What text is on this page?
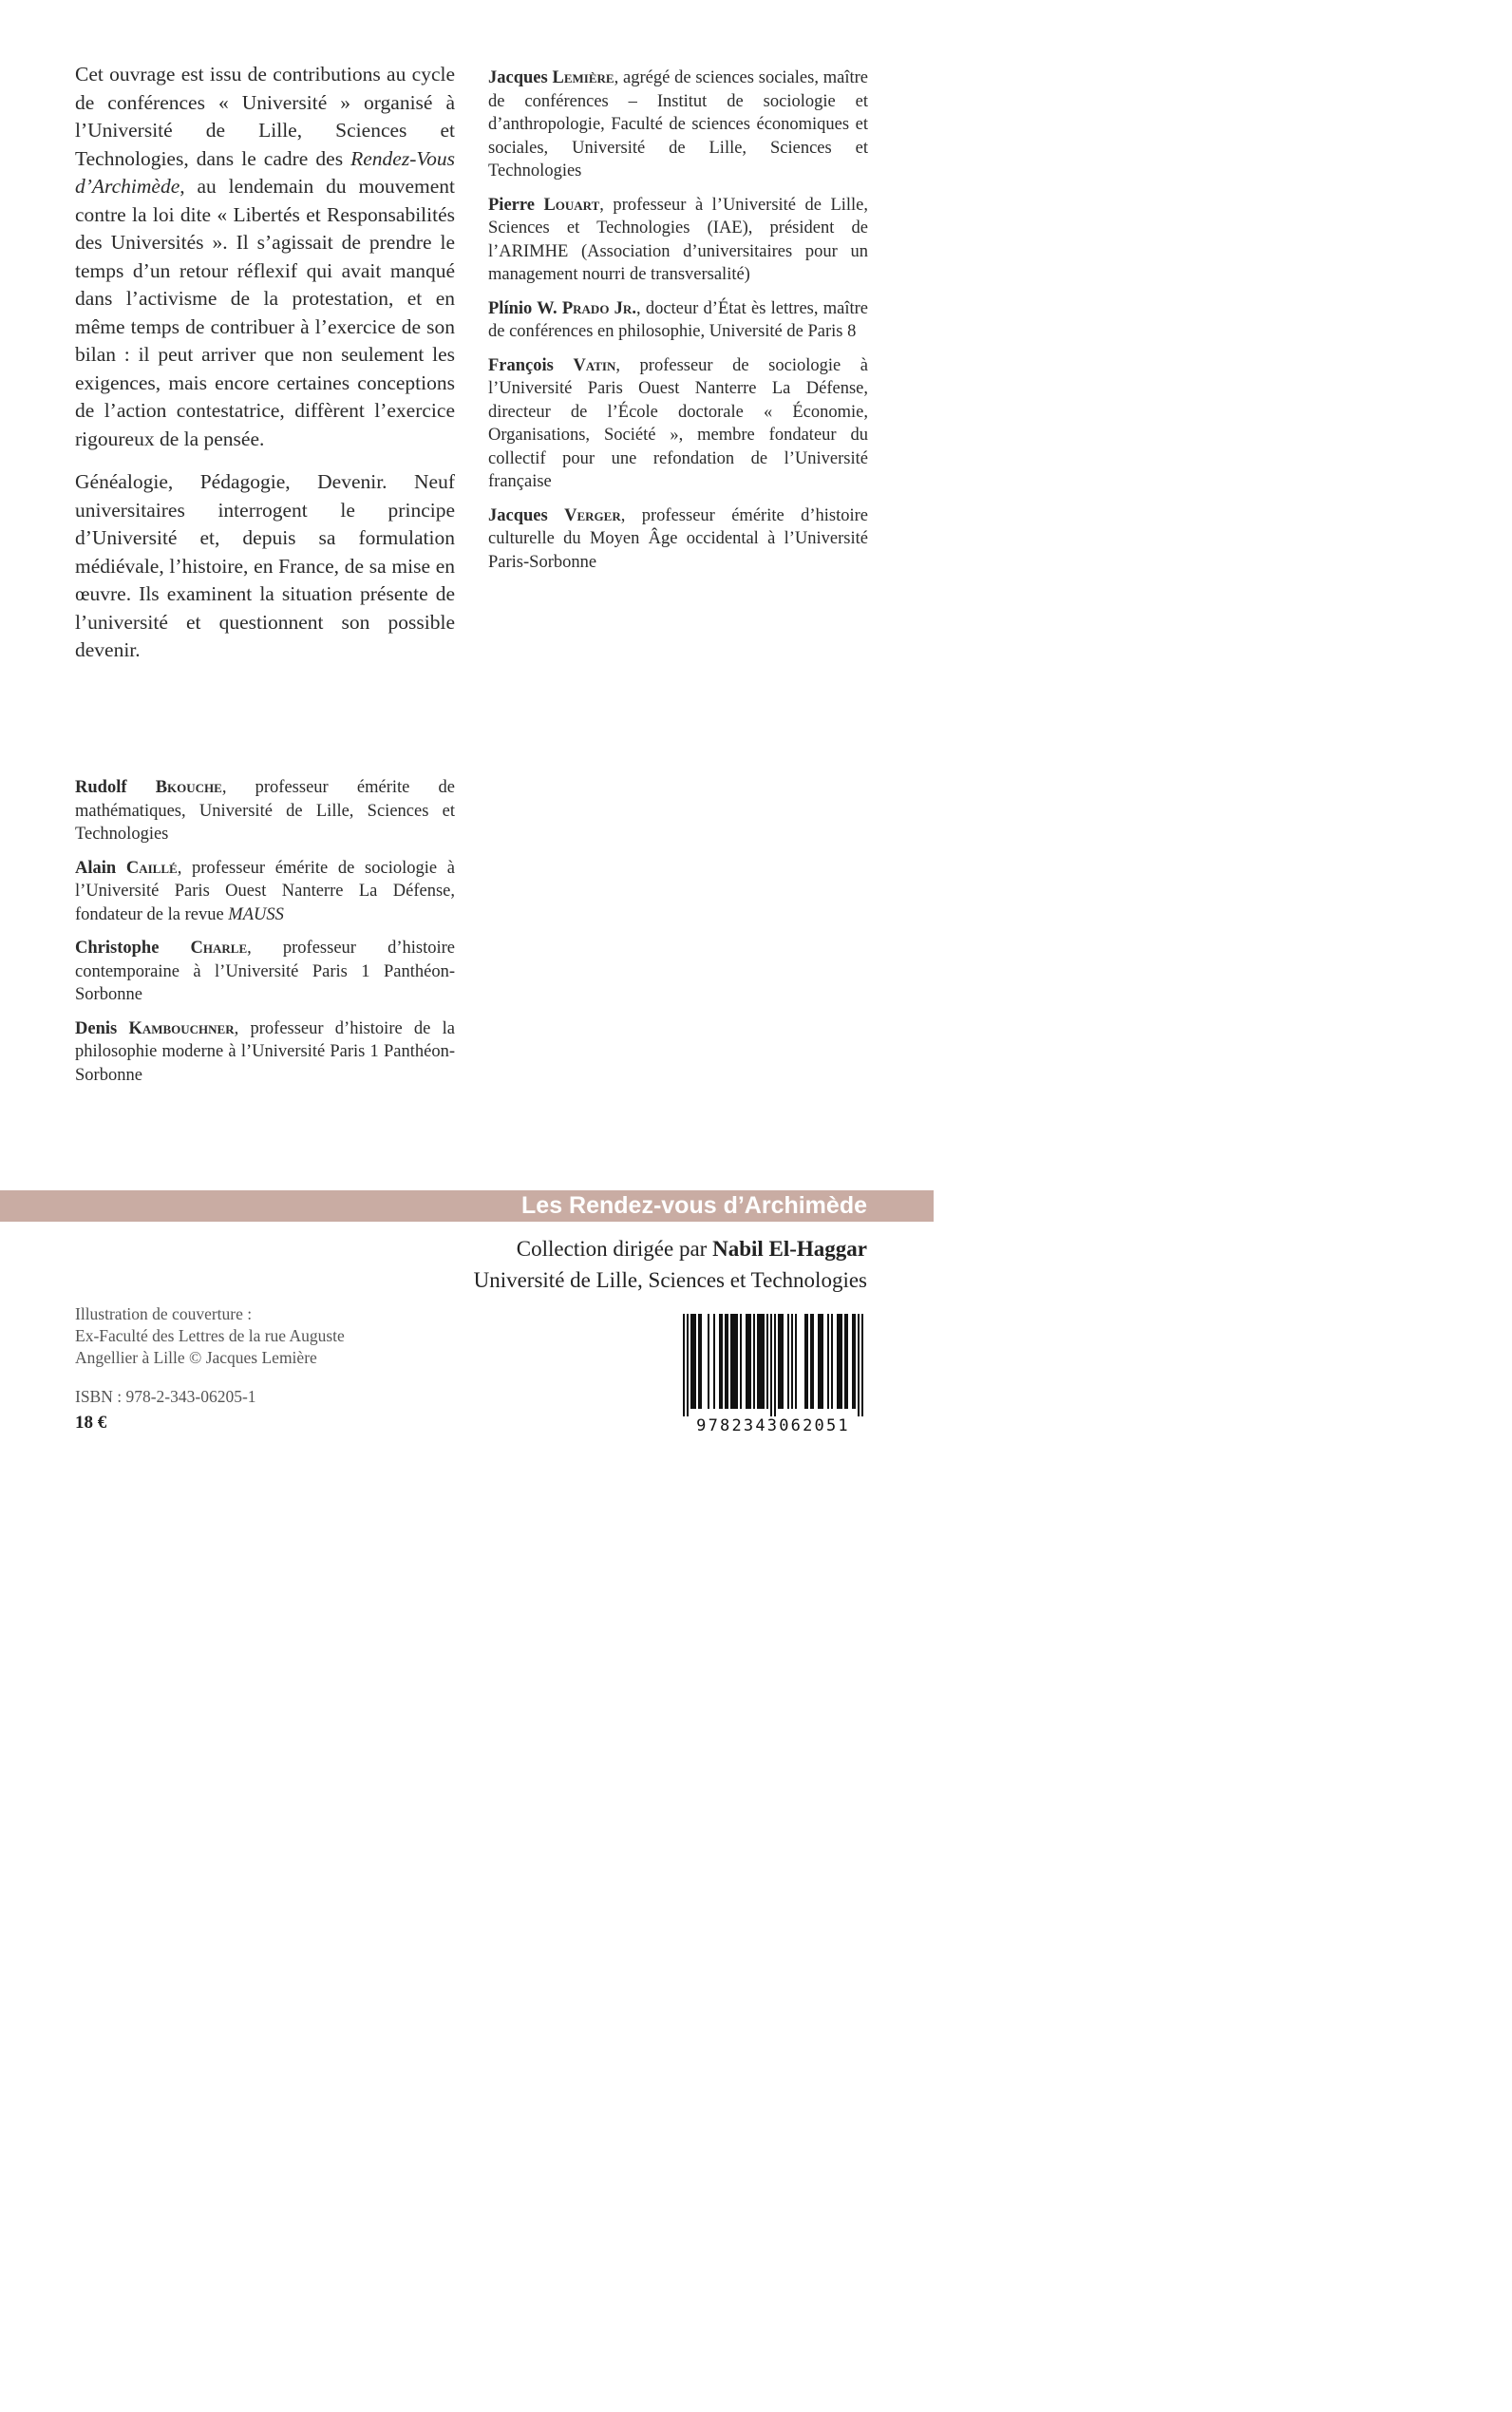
Cet ouvrage est issu de contributions au cycle de conférences « Université » organisé à l’Université de Lille, Sciences et Technologies, dans le cadre des Rendez-Vous d’Archimède, au lendemain du mouvement contre la loi dite « Libertés et Responsabilités des Universités ». Il s’agissait de prendre le temps d’un retour réflexif qui avait manqué dans l’activisme de la protestation, et en même temps de contribuer à l’exercice de son bilan : il peut arriver que non seulement les exigences, mais encore certaines conceptions de l’action contestatrice, diffèrent l’exercice rigoureux de la pensée.

Généalogie, Pédagogie, Devenir. Neuf universitaires interrogent le principe d’Université et, depuis sa formulation médiévale, l’histoire, en France, de sa mise en œuvre. Ils examinent la situation présente de l’université et questionnent son possible devenir.

Jacques Lemière, agrégé de sciences sociales, maître de conférences – Institut de sociologie et d’anthropologie, Faculté de sciences économiques et sociales, Université de Lille, Sciences et Technologies
Pierre Louart, professeur à l’Université de Lille, Sciences et Technologies (IAE), président de l’ARIMHE (Association d’universitaires pour un management nourri de transversalité)
Plínio W. Prado Jr., docteur d’État ès lettres, maître de conférences en philosophie, Université de Paris 8
François Vatin, professeur de sociologie à l’Université Paris Ouest Nanterre La Défense, directeur de l’École doctorale « Économie, Organisations, Société », membre fondateur du collectif pour une refondation de l’Université française
Jacques Verger, professeur émérite d’histoire culturelle du Moyen Âge occidental à l’Université Paris-Sorbonne
Rudolf Bkouche, professeur émérite de mathématiques, Université de Lille, Sciences et Technologies
Alain Caillé, professeur émérite de sociologie à l’Université Paris Ouest Nanterre La Défense, fondateur de la revue MAUSS
Christophe Charle, professeur d’histoire contemporaine à l’Université Paris 1 Panthéon-Sorbonne
Denis Kambouchner, professeur d’histoire de la philosophie moderne à l’Université Paris 1 Panthéon-Sorbonne
Les Rendez-vous d’Archimède
Collection dirigée par Nabil El-Haggar
Université de Lille, Sciences et Technologies
Illustration de couverture :
Ex-Faculté des Lettres de la rue Auguste
Angellier à Lille © Jacques Lemière
ISBN : 978-2-343-06205-1
18 €	9782343062051
